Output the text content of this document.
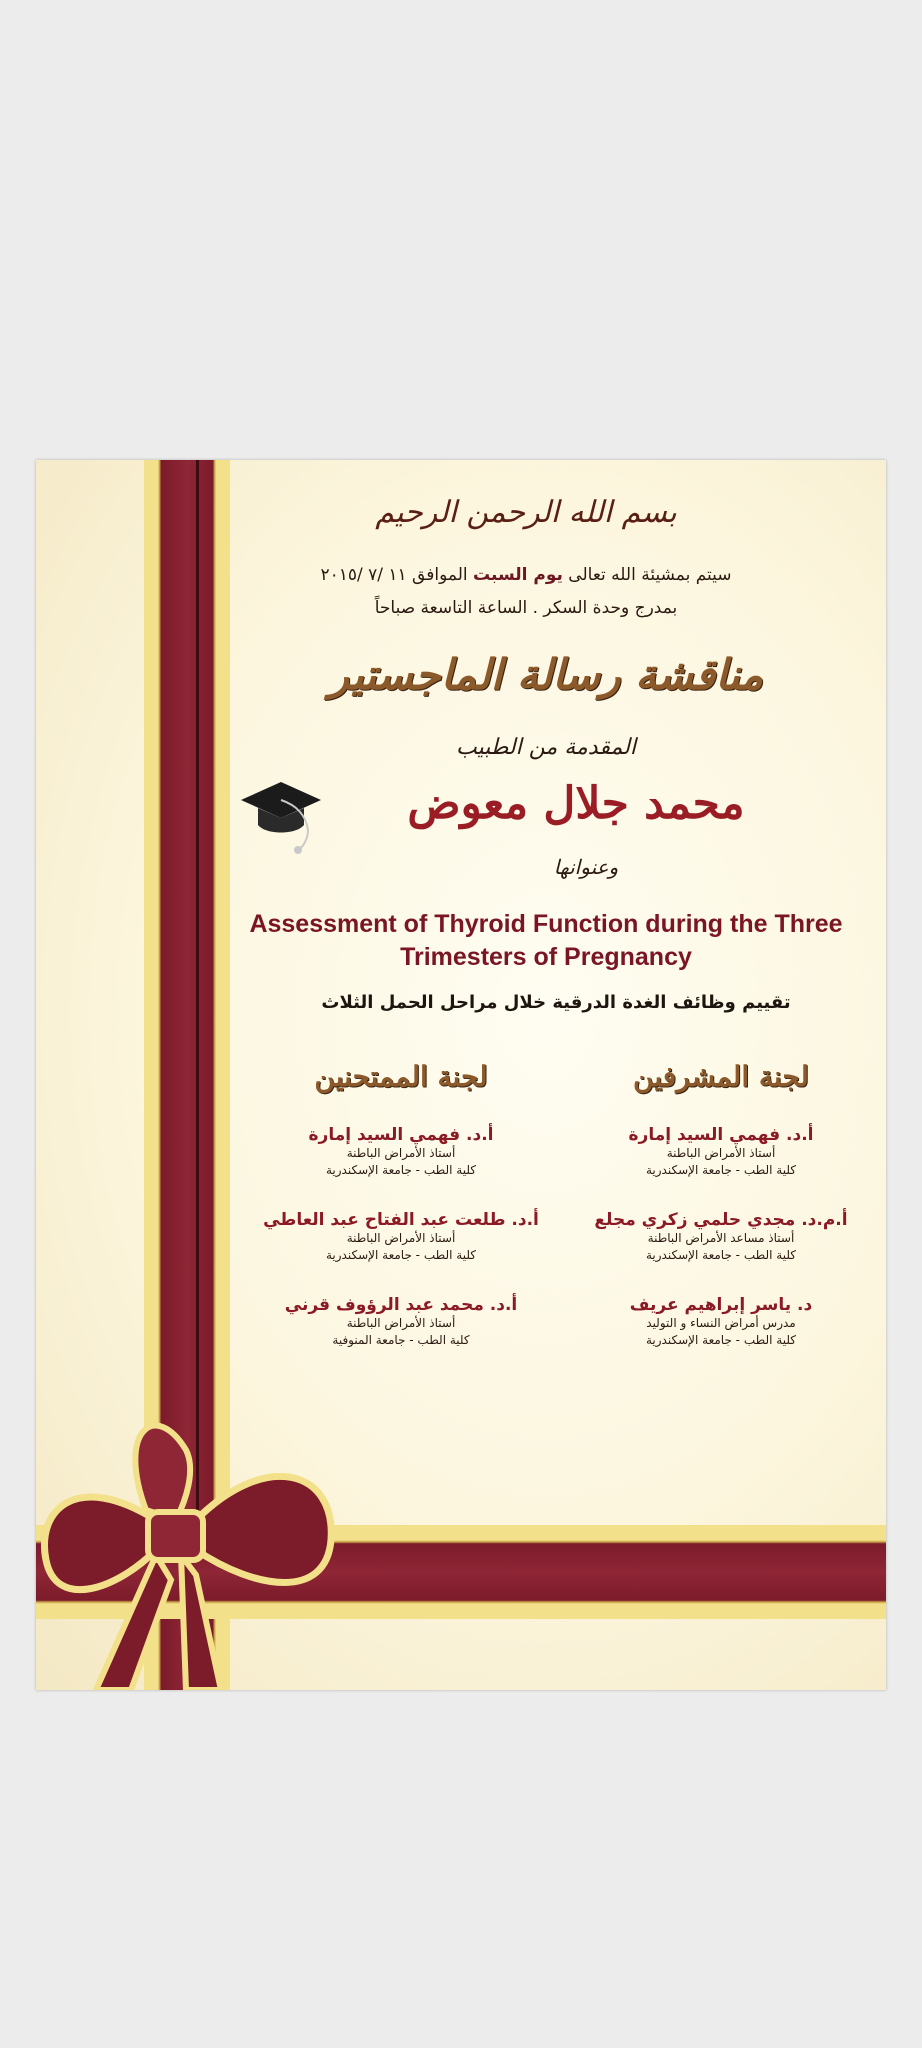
بسم الله الرحمن الرحيم
سيتم بمشيئة الله تعالى يوم السبت الموافق ١١ /٧ /٢٠١٥
بمدرج وحدة السكر . الساعة التاسعة صباحاً
مناقشة رسالة الماجستير
المقدمة من الطبيب
محمد جلال معوض
وعنوانها
Assessment of Thyroid Function during the Three Trimesters of Pregnancy
تقييم وظائف الغدة الدرقية خلال مراحل الحمل الثلاث
لجنة المشرفين
لجنة الممتحنين
أ.د. فهمي السيد إمارة
أستاذ الأمراض الباطنة
كلية الطب - جامعة الإسكندرية
أ.م.د. مجدي حلمي زكري مجلع
أستاذ مساعد الأمراض الباطنة
كلية الطب - جامعة الإسكندرية
د. ياسر إبراهيم عريف
مدرس أمراض النساء و التوليد
كلية الطب - جامعة الإسكندرية
أ.د. فهمي السيد إمارة
أستاذ الأمراض الباطنة
كلية الطب - جامعة الإسكندرية
أ.د. طلعت عبد الفتاح عبد العاطي
أستاذ الأمراض الباطنة
كلية الطب - جامعة الإسكندرية
أ.د. محمد عبد الرؤوف قرني
أستاذ الأمراض الباطنة
كلية الطب - جامعة المنوفية
